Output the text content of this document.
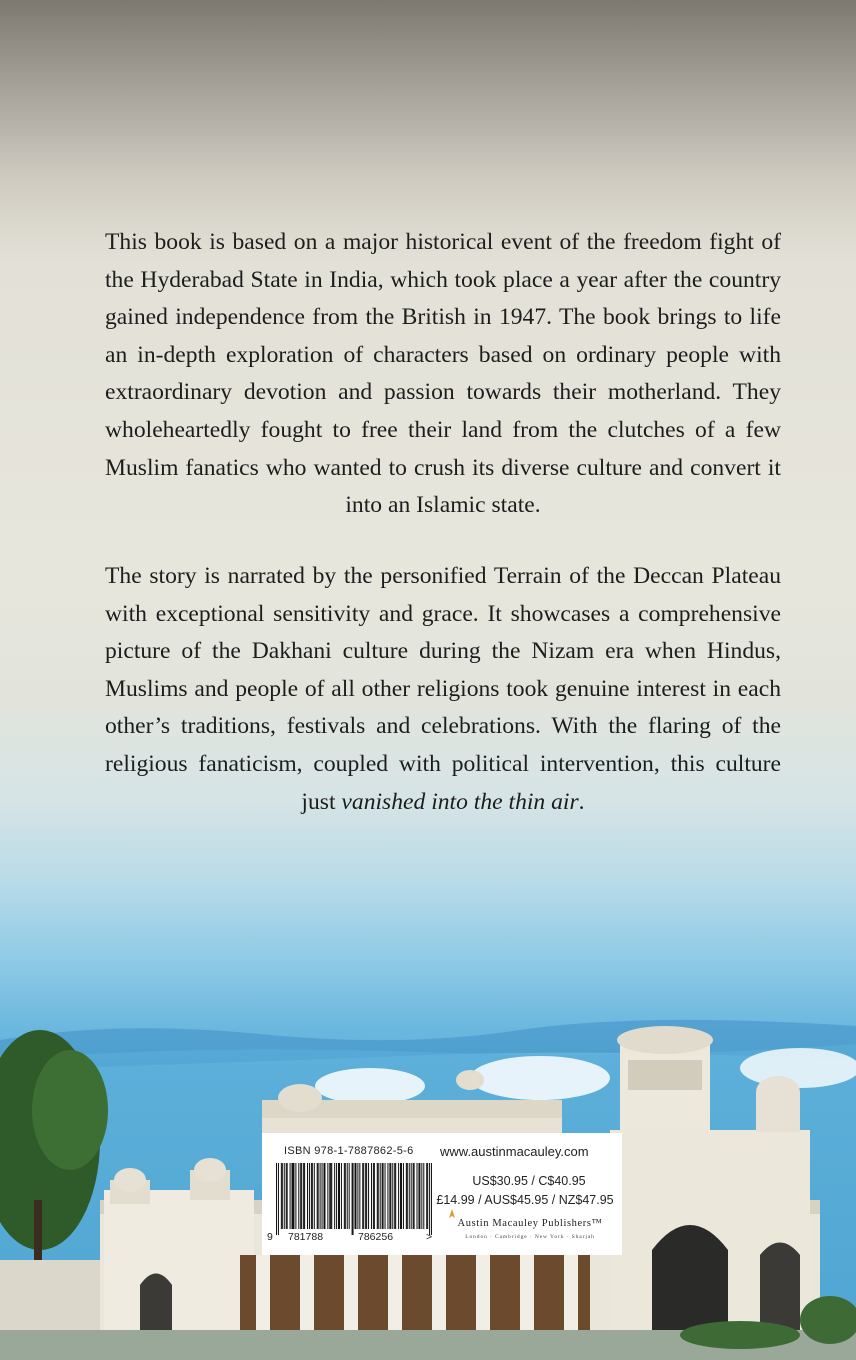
This book is based on a major historical event of the freedom fight of the Hyderabad State in India, which took place a year after the country gained independence from the British in 1947. The book brings to life an in-depth exploration of characters based on ordinary people with extraordinary devotion and passion towards their motherland. They wholeheartedly fought to free their land from the clutches of a few Muslim fanatics who wanted to crush its diverse culture and convert it into an Islamic state.

The story is narrated by the personified Terrain of the Deccan Plateau with exceptional sensitivity and grace. It showcases a comprehensive picture of the Dakhani culture during the Nizam era when Hindus, Muslims and people of all other religions took genuine interest in each other’s traditions, festivals and celebrations. With the flaring of the religious fanaticism, coupled with political intervention, this culture just vanished into the thin air.

ISBN 978-1-7887862-5-6
9 781788	786256	>
www.austinmacauley.com
US$30.95 / C$40.95
£14.99 / AUS$45.95 / NZ$47.95
Austin Macauley Publishers™
London · Cambridge · New York · Sharjah
